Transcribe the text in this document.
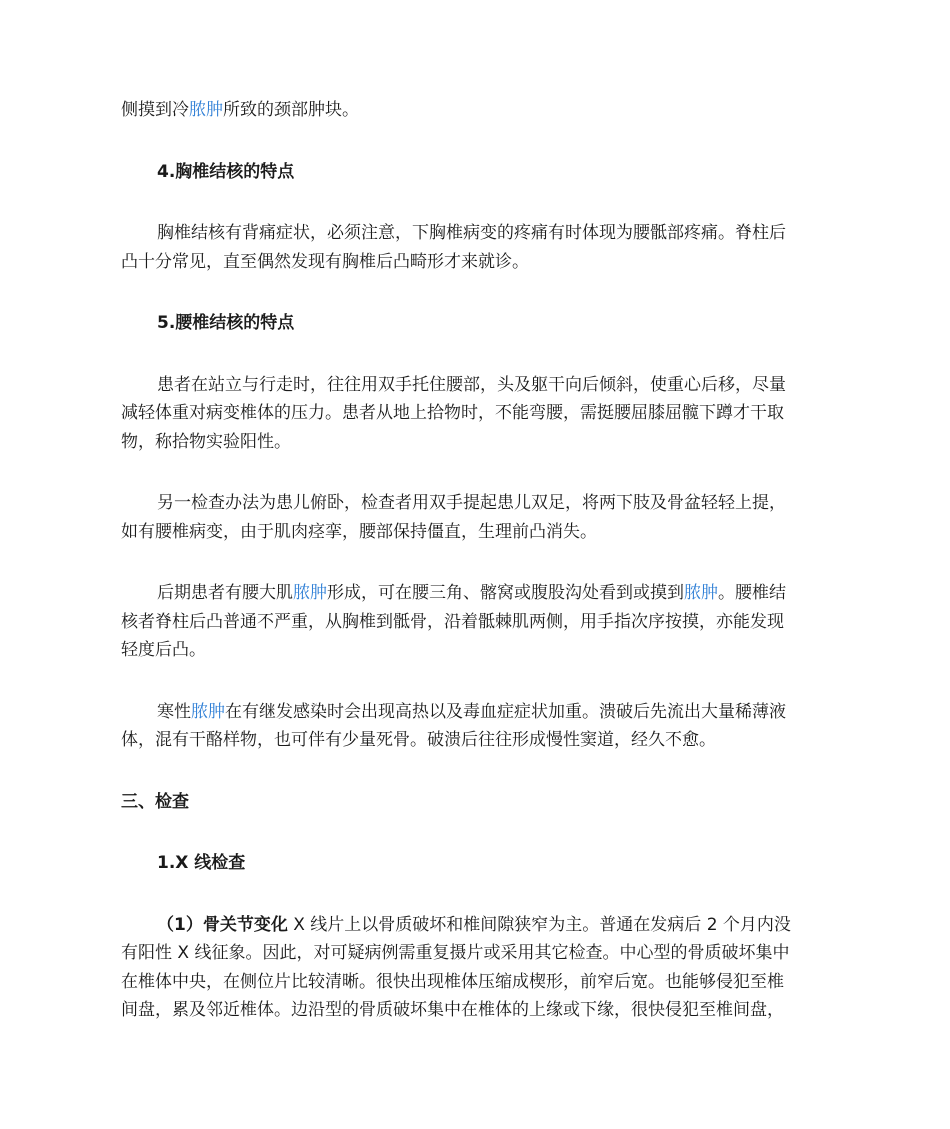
侧摸到冷脓肿所致的颈部肿块。

4.胸椎结核的特点

胸椎结核有背痛症状，必须注意，下胸椎病变的疼痛有时体现为腰骶部疼痛。脊柱后

凸十分常见，直至偶然发现有胸椎后凸畸形才来就诊。

5.腰椎结核的特点

患者在站立与行走时，往往用双手托住腰部，头及躯干向后倾斜，使重心后移，尽量

减轻体重对病变椎体的压力。患者从地上拾物时，不能弯腰，需挺腰屈膝屈髋下蹲才干取

物，称拾物实验阳性。

另一检查办法为患儿俯卧，检查者用双手提起患儿双足，将两下肢及骨盆轻轻上提，

如有腰椎病变，由于肌肉痉挛，腰部保持僵直，生理前凸消失。

后期患者有腰大肌脓肿形成，可在腰三角、髂窝或腹股沟处看到或摸到脓肿。腰椎结

核者脊柱后凸普通不严重，从胸椎到骶骨，沿着骶棘肌两侧，用手指次序按摸，亦能发现

轻度后凸。

寒性脓肿在有继发感染时会出现高热以及毒血症症状加重。溃破后先流出大量稀薄液

体，混有干酪样物，也可伴有少量死骨。破溃后往往形成慢性窦道，经久不愈。

三、检查

1.X 线检查

（1）骨关节变化 X 线片上以骨质破坏和椎间隙狭窄为主。普通在发病后 2 个月内没

有阳性 X 线征象。因此，对可疑病例需重复摄片或采用其它检查。中心型的骨质破坏集中

在椎体中央，在侧位片比较清晰。很快出现椎体压缩成楔形，前窄后宽。也能够侵犯至椎

间盘，累及邻近椎体。边沿型的骨质破坏集中在椎体的上缘或下缘，很快侵犯至椎间盘，
